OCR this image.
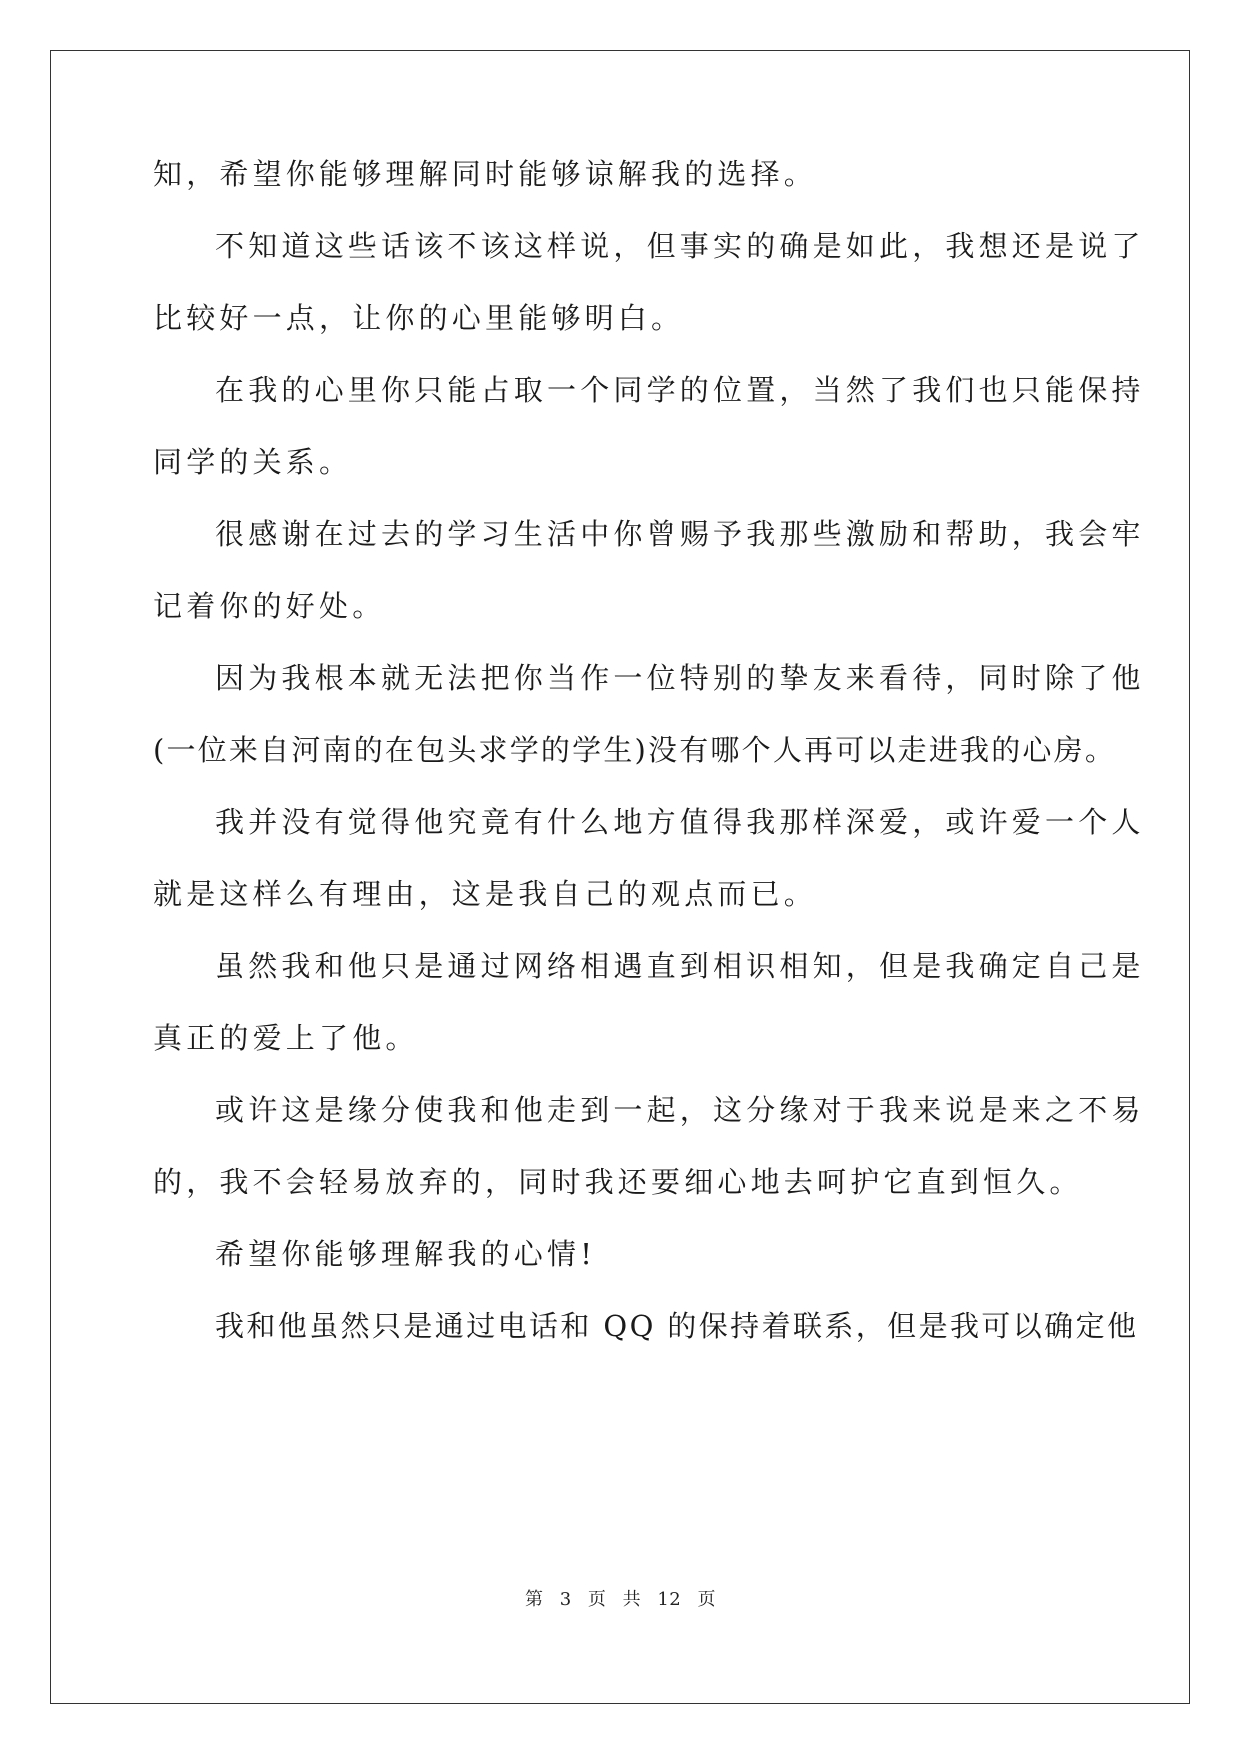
知，希望你能够理解同时能够谅解我的选择。
不知道这些话该不该这样说，但事实的确是如此，我想还是说了
比较好一点，让你的心里能够明白。
在我的心里你只能占取一个同学的位置，当然了我们也只能保持
同学的关系。
很感谢在过去的学习生活中你曾赐予我那些激励和帮助，我会牢
记着你的好处。
因为我根本就无法把你当作一位特别的挚友来看待，同时除了他
(一位来自河南的在包头求学的学生)没有哪个人再可以走进我的心房。
我并没有觉得他究竟有什么地方值得我那样深爱，或许爱一个人
就是这样么有理由，这是我自己的观点而已。
虽然我和他只是通过网络相遇直到相识相知，但是我确定自己是
真正的爱上了他。
或许这是缘分使我和他走到一起，这分缘对于我来说是来之不易
的，我不会轻易放弃的，同时我还要细心地去呵护它直到恒久。
希望你能够理解我的心情!
我和他虽然只是通过电话和 QQ 的保持着联系，但是我可以确定他
第 3 页 共 12 页
